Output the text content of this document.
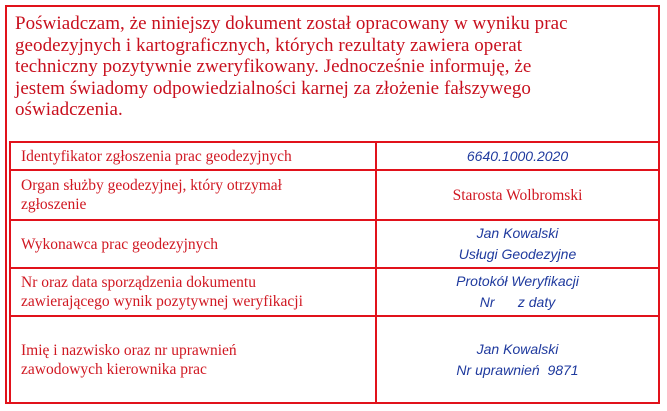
Poświadczam, że niniejszy dokument został opracowany w wyniku prac
geodezyjnych i kartograficznych, których rezultaty zawiera operat
techniczny pozytywnie zweryfikowany. Jednocześnie informuję, że
jestem świadomy odpowiedzialności karnej za złożenie fałszywego
oświadczenia.
Identyfikator zgłoszenia prac geodezyjnych	6640.1000.2020

Organ służby geodezyjnej, który otrzymał
zgłoszenie	Starosta Wolbromski

Wykonawca prac geodezyjnych	Jan Kowalski
Usługi Geodezyjne

Nr oraz data sporządzenia dokumentu
zawierającego wynik pozytywnej weryfikacji	Protokół Weryfikacji
Nr      z daty

Imię i nazwisko oraz nr uprawnień
zawodowych kierownika prac	Jan Kowalski
Nr uprawnień  9871
